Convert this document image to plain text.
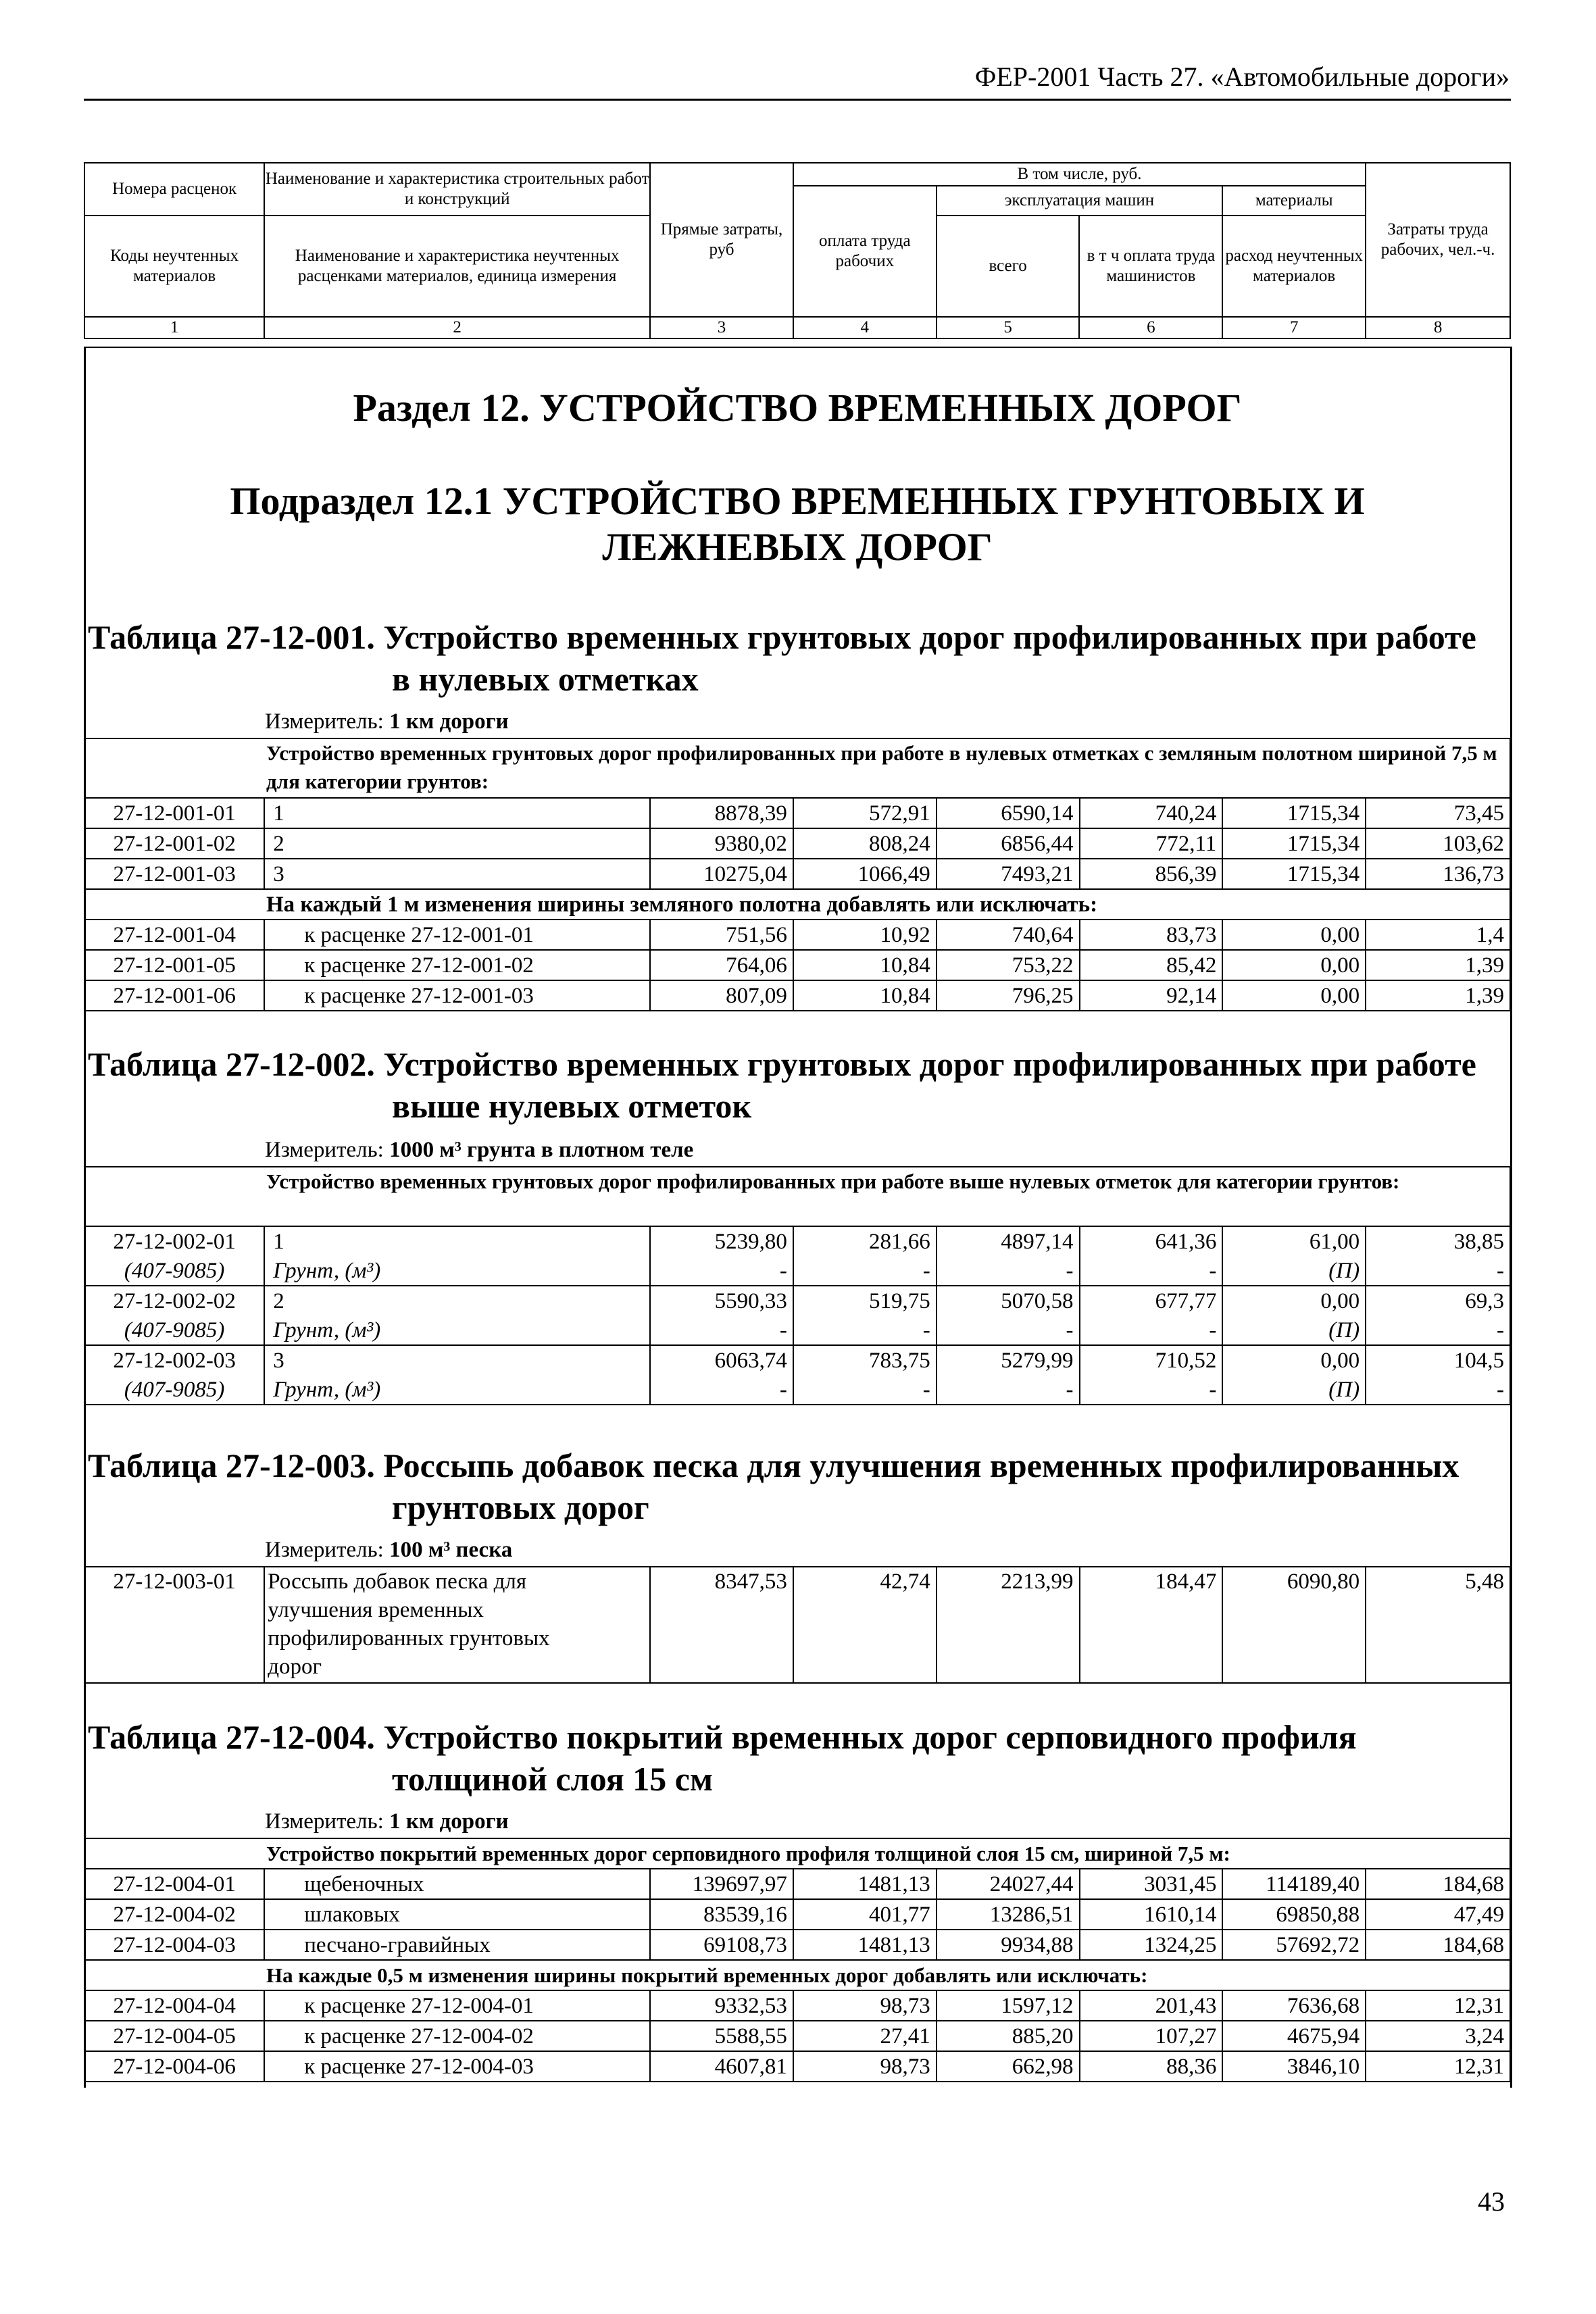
ФЕР-2001 Часть 27. «Автомобильные дороги»
Номера расценок	Наименование и характеристика строительных работ и конструкций	Прямые затраты, руб	В том числе, руб.				Затраты труда рабочих, чел.-ч.
			оплата труда рабочих	эксплуатация машин		материалы	
Коды неучтенных материалов	Наименование и характеристика неучтенных расценками материалов, единица измерения			всего	в т ч оплата труда машинистов	расход неучтенных материалов	

1	2	3	4	5	6	7	8
Раздел 12. УСТРОЙСТВО ВРЕМЕННЫХ ДОРОГ
Подраздел 12.1 УСТРОЙСТВО ВРЕМЕННЫХ ГРУНТОВЫХ И ЛЕЖНЕВЫХ ДОРОГ
Таблица 27-12-001. Устройство временных грунтовых дорог профилированных при работе
в нулевых отметках
Измеритель: 1 км дороги
Устройство временных грунтовых дорог профилированных при работе в нулевых отметках с земляным полотном шириной 7,5 м для категории грунтов:							
27-12-001-01	1	8878,39	572,91	6590,14	740,24	1715,34	73,45
27-12-001-02	2	9380,02	808,24	6856,44	772,11	1715,34	103,62
27-12-001-03	3	10275,04	1066,49	7493,21	856,39	1715,34	136,73
На каждый 1 м изменения ширины земляного полотна добавлять или исключать:							
27-12-001-04	к расценке 27-12-001-01	751,56	10,92	740,64	83,73	0,00	1,4
27-12-001-05	к расценке 27-12-001-02	764,06	10,84	753,22	85,42	0,00	1,39
27-12-001-06	к расценке 27-12-001-03	807,09	10,84	796,25	92,14	0,00	1,39
Таблица 27-12-002. Устройство временных грунтовых дорог профилированных при работе
выше нулевых отметок
Измеритель: 1000 м³ грунта в плотном теле
Устройство временных грунтовых дорог профилированных при работе выше нулевых отметок для категории грунтов:							
27-12-002-01	1	5239,80	281,66	4897,14	641,36	61,00	38,85
(407-9085)	Грунт, (м³)	-	-	-	-	(П)	-
27-12-002-02	2	5590,33	519,75	5070,58	677,77	0,00	69,3
(407-9085)	Грунт, (м³)	-	-	-	-	(П)	-
27-12-002-03	3	6063,74	783,75	5279,99	710,52	0,00	104,5
(407-9085)	Грунт, (м³)	-	-	-	-	(П)	-
Таблица 27-12-003. Россыпь добавок песка для улучшения временных профилированных
грунтовых дорог
Измеритель: 100 м³ песка
27-12-003-01	Россыпь добавок песка для улучшения временных профилированных грунтовых дорог	8347,53	42,74	2213,99	184,47	6090,80	5,48
Таблица 27-12-004. Устройство покрытий временных дорог серповидного профиля
толщиной слоя 15 см
Измеритель: 1 км дороги
Устройство покрытий временных дорог серповидного профиля толщиной слоя 15 см, шириной 7,5 м:							
27-12-004-01	щебеночных	139697,97	1481,13	24027,44	3031,45	114189,40	184,68
27-12-004-02	шлаковых	83539,16	401,77	13286,51	1610,14	69850,88	47,49
27-12-004-03	песчано-гравийных	69108,73	1481,13	9934,88	1324,25	57692,72	184,68
На каждые 0,5 м изменения ширины покрытий временных дорог добавлять или исключать:							
27-12-004-04	к расценке 27-12-004-01	9332,53	98,73	1597,12	201,43	7636,68	12,31
27-12-004-05	к расценке 27-12-004-02	5588,55	27,41	885,20	107,27	4675,94	3,24
27-12-004-06	к расценке 27-12-004-03	4607,81	98,73	662,98	88,36	3846,10	12,31
43
